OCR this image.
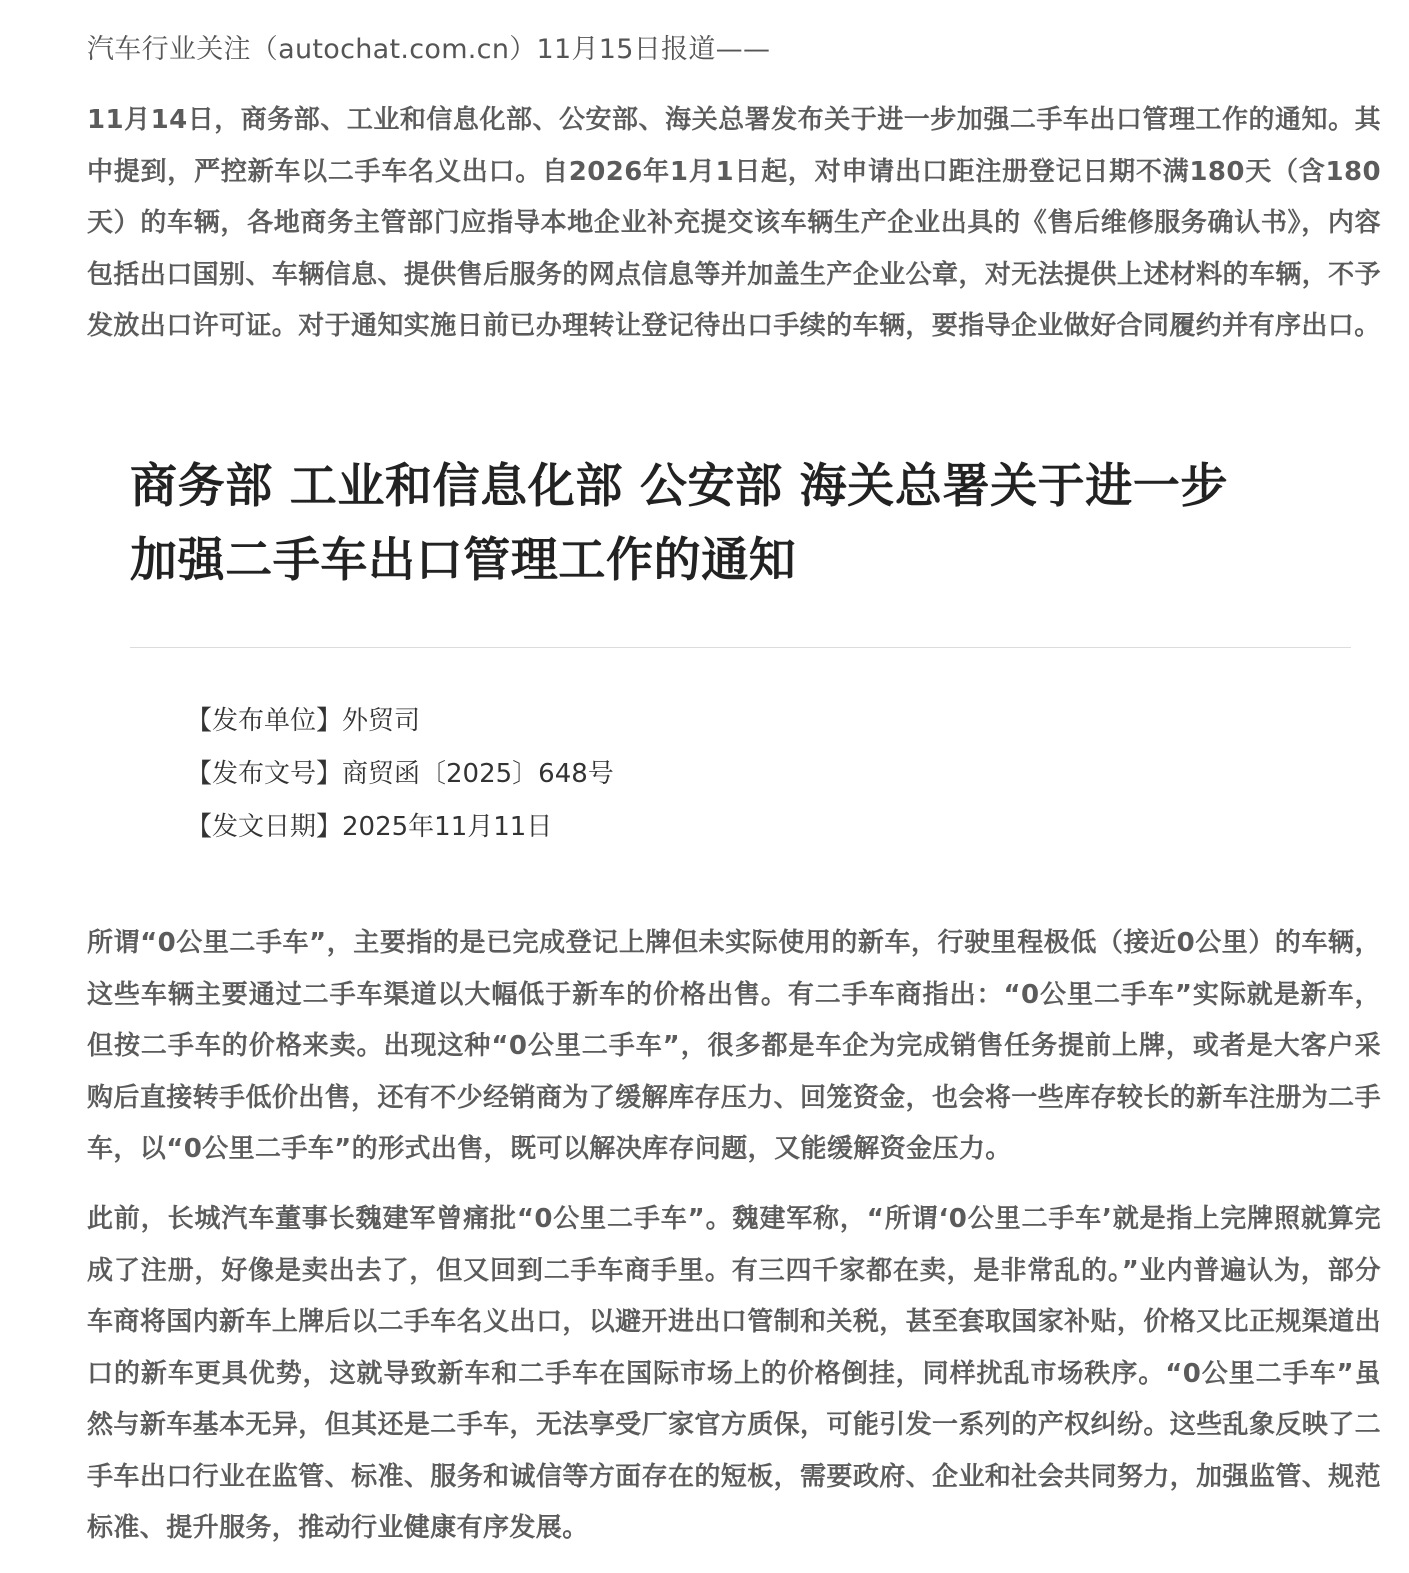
汽车行业关注（autochat.com.cn）11月15日报道——
11月14日，商务部、工业和信息化部、公安部、海关总署发布关于进一步加强二手车出口管理工作的通知。其中提到，严控新车以二手车名义出口。自2026年1月1日起，对申请出口距注册登记日期不满180天（含180天）的车辆，各地商务主管部门应指导本地企业补充提交该车辆生产企业出具的《售后维修服务确认书》，内容包括出口国别、车辆信息、提供售后服务的网点信息等并加盖生产企业公章，对无法提供上述材料的车辆，不予发放出口许可证。对于通知实施日前已办理转让登记待出口手续的车辆，要指导企业做好合同履约并有序出口。
商务部 工业和信息化部 公安部 海关总署关于进一步
加强二手车出口管理工作的通知
【发布单位】外贸司
【发布文号】商贸函〔2025〕648号
【发文日期】2025年11月11日
所谓“0公里二手车”，主要指的是已完成登记上牌但未实际使用的新车，行驶里程极低（接近0公里）的车辆，这些车辆主要通过二手车渠道以大幅低于新车的价格出售。有二手车商指出：“0公里二手车”实际就是新车，但按二手车的价格来卖。出现这种“0公里二手车”，很多都是车企为完成销售任务提前上牌，或者是大客户采购后直接转手低价出售，还有不少经销商为了缓解库存压力、回笼资金，也会将一些库存较长的新车注册为二手车，以“0公里二手车”的形式出售，既可以解决库存问题，又能缓解资金压力。
此前，长城汽车董事长魏建军曾痛批“0公里二手车”。魏建军称，“所谓‘0公里二手车’就是指上完牌照就算完成了注册，好像是卖出去了，但又回到二手车商手里。有三四千家都在卖，是非常乱的。”业内普遍认为，部分车商将国内新车上牌后以二手车名义出口，以避开进出口管制和关税，甚至套取国家补贴，价格又比正规渠道出口的新车更具优势，这就导致新车和二手车在国际市场上的价格倒挂，同样扰乱市场秩序。“0公里二手车”虽然与新车基本无异，但其还是二手车，无法享受厂家官方质保，可能引发一系列的产权纠纷。这些乱象反映了二手车出口行业在监管、标准、服务和诚信等方面存在的短板，需要政府、企业和社会共同努力，加强监管、规范标准、提升服务，推动行业健康有序发展。
